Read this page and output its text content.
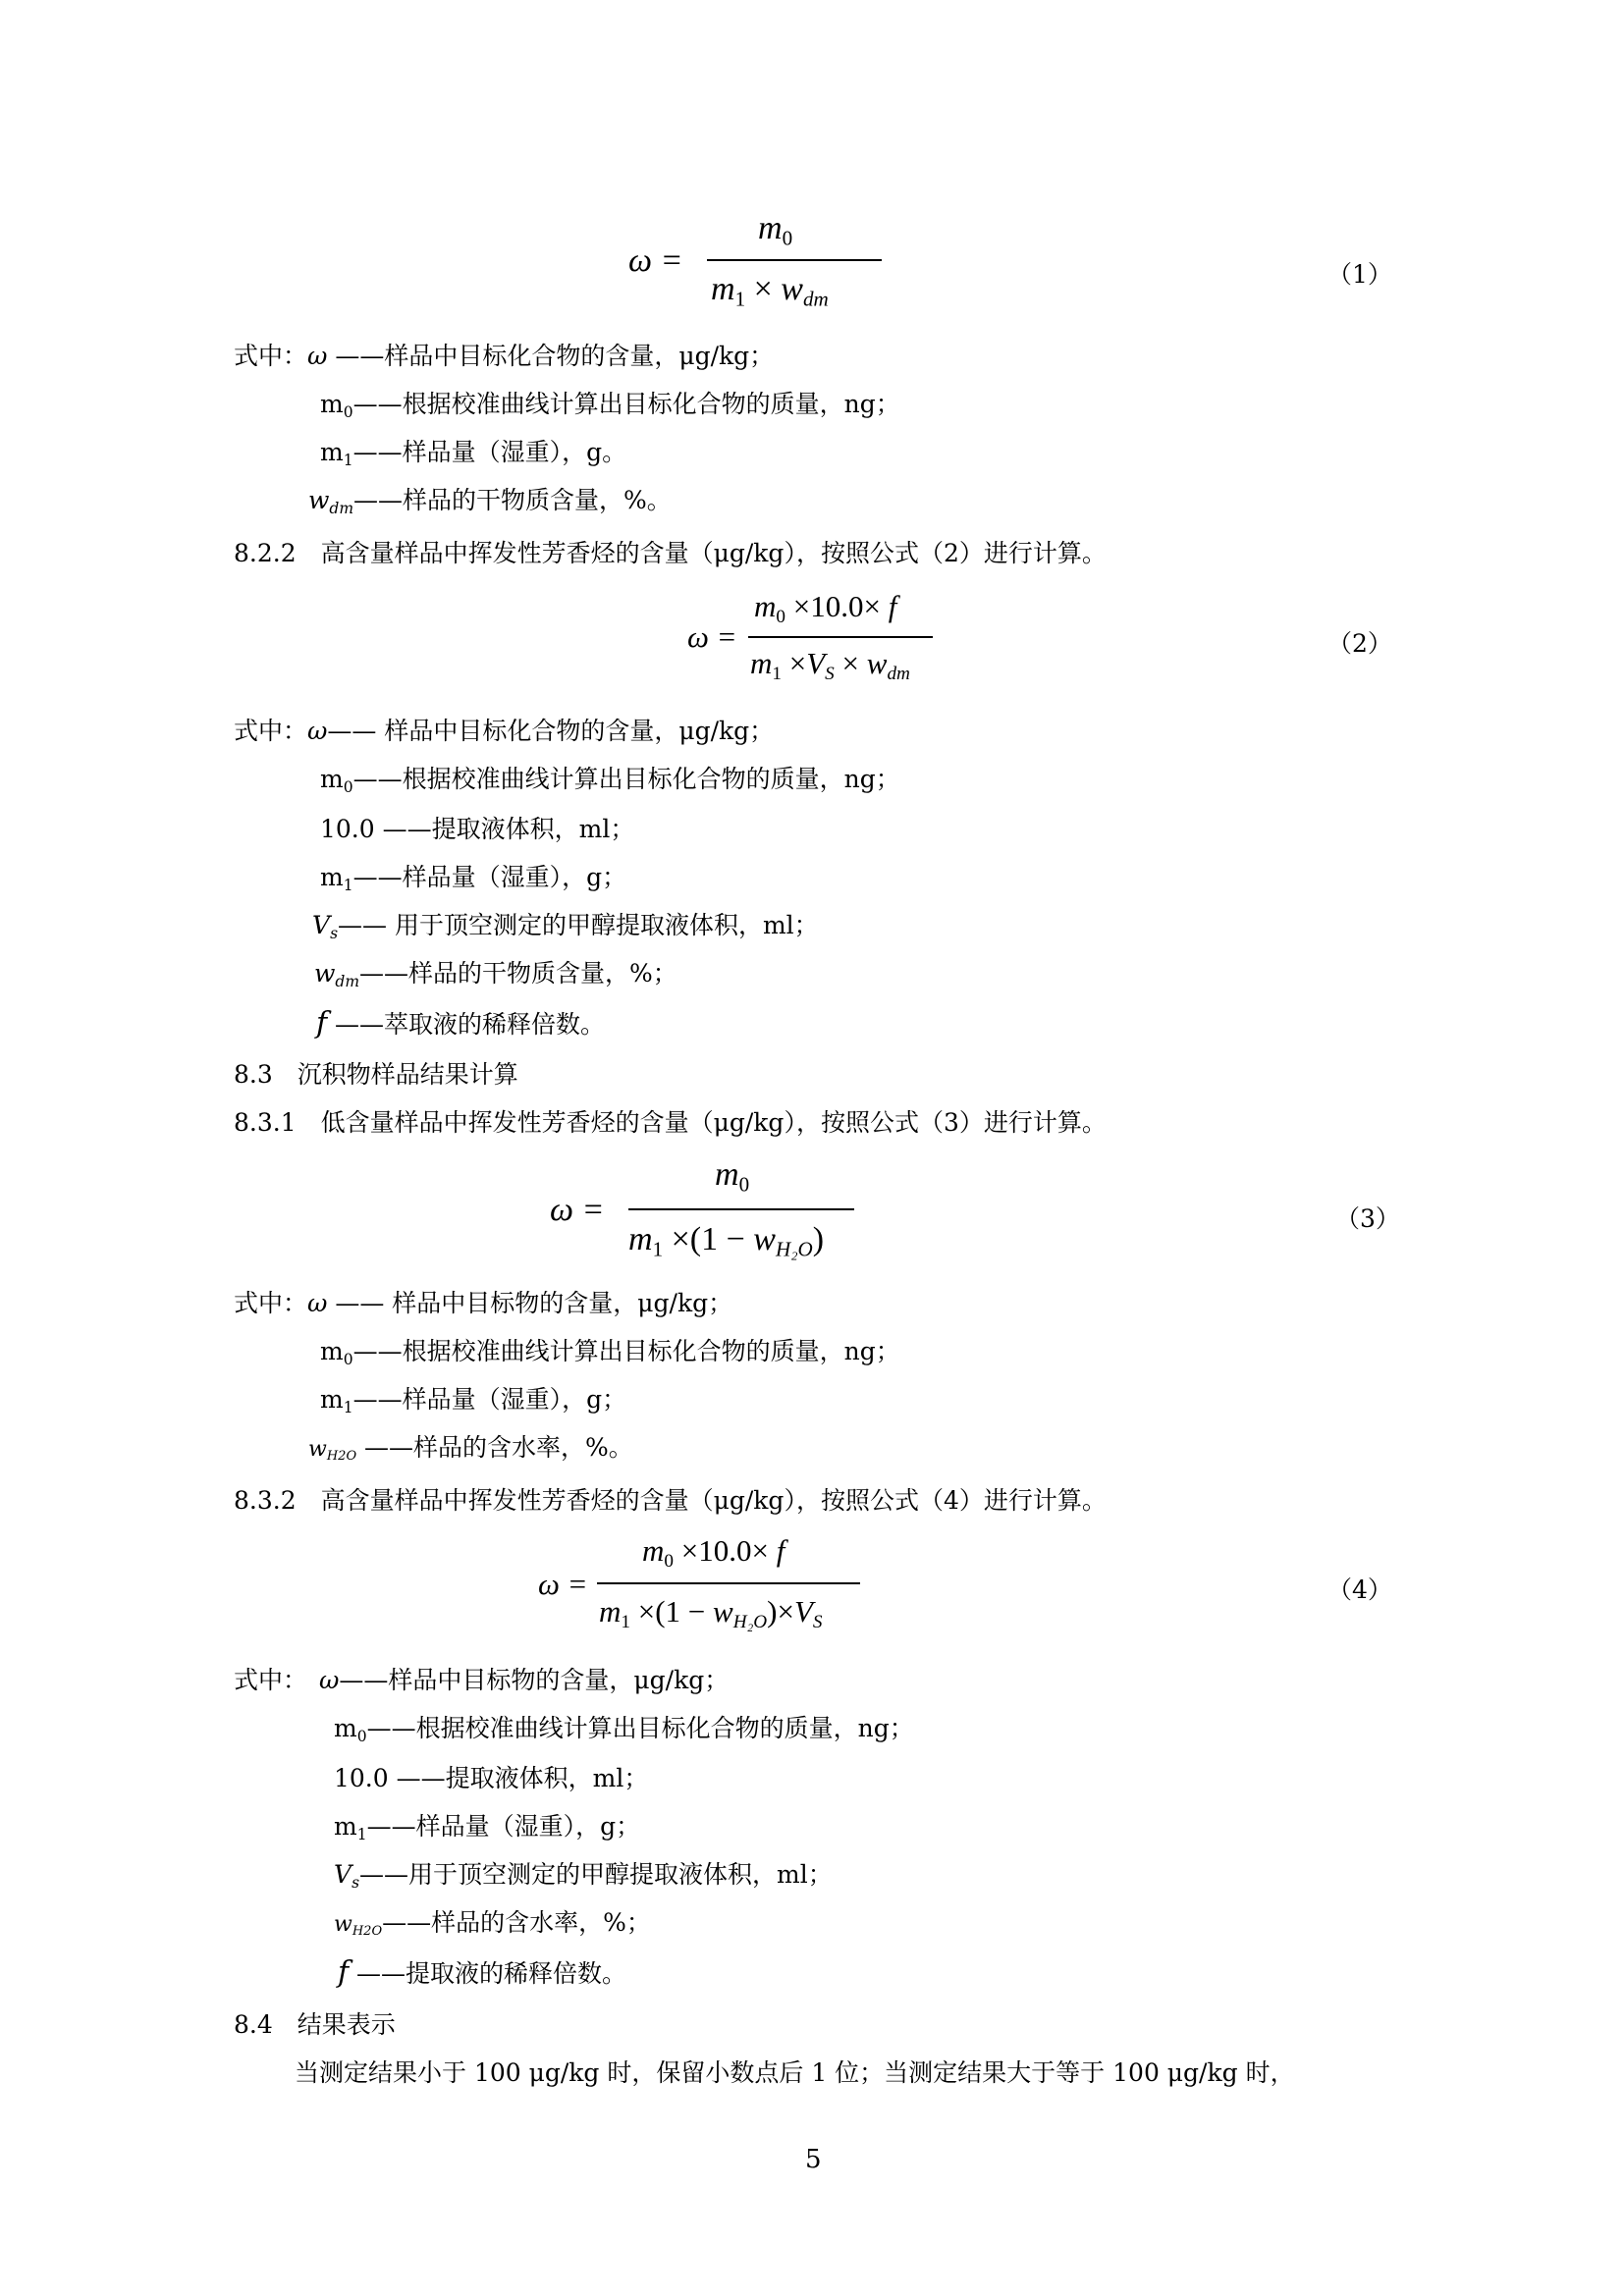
ω =
$m_0$
$m_1 \times w_{dm}$
（1）
式中：ω ——样品中目标化合物的含量，μg/kg；
$m_0——$根据校准曲线计算出目标化合物的质量，ng；
$m_1——$样品量（湿重），g。
$w_{dm}——$样品的干物质含量，%。
8.2.2　高含量样品中挥发性芳香烃的含量（μg/kg），按照公式（2）进行计算。
ω =
$m_0 \times 10.0\times f$
$m_1 \times V_S \times w_{dm}$
（2）
式中：ω—— 样品中目标化合物的含量，μg/kg；
$m_0——$根据校准曲线计算出目标化合物的质量，ng；
10.0 ——提取液体积，ml；
$m_1——$样品量（湿重），g；
$V_s——$ 用于顶空测定的甲醇提取液体积，ml；
$w_{dm}——$样品的干物质含量，%；
f ——萃取液的稀释倍数。
8.3　沉积物样品结果计算
8.3.1　低含量样品中挥发性芳香烃的含量（μg/kg），按照公式（3）进行计算。
ω =
$m_0$
$m_1 \times(1 - w_{H_2O})$
（3）
式中：ω —— 样品中目标物的含量，μg/kg；
$m_0——$根据校准曲线计算出目标化合物的质量，ng；
$m_1——$样品量（湿重），g；
$w_{H2O}$ ——样品的含水率，%。
8.3.2　高含量样品中挥发性芳香烃的含量（μg/kg），按照公式（4）进行计算。
ω =
$m_0 \times 10.0\times f$
$m_1 \times(1 - w_{H_2O})\times V_S$
（4）
式中： ω——样品中目标物的含量，μg/kg；
$m_0——$根据校准曲线计算出目标化合物的质量，ng；
10.0 ——提取液体积，ml；
$m_1——$样品量（湿重），g；
$V_s——$用于顶空测定的甲醇提取液体积，ml；
$w_{H2O}——$样品的含水率，%；
f ——提取液的稀释倍数。
8.4　结果表示
当测定结果小于 100 μg/kg 时，保留小数点后 1 位；当测定结果大于等于 100 μg/kg 时，
5
